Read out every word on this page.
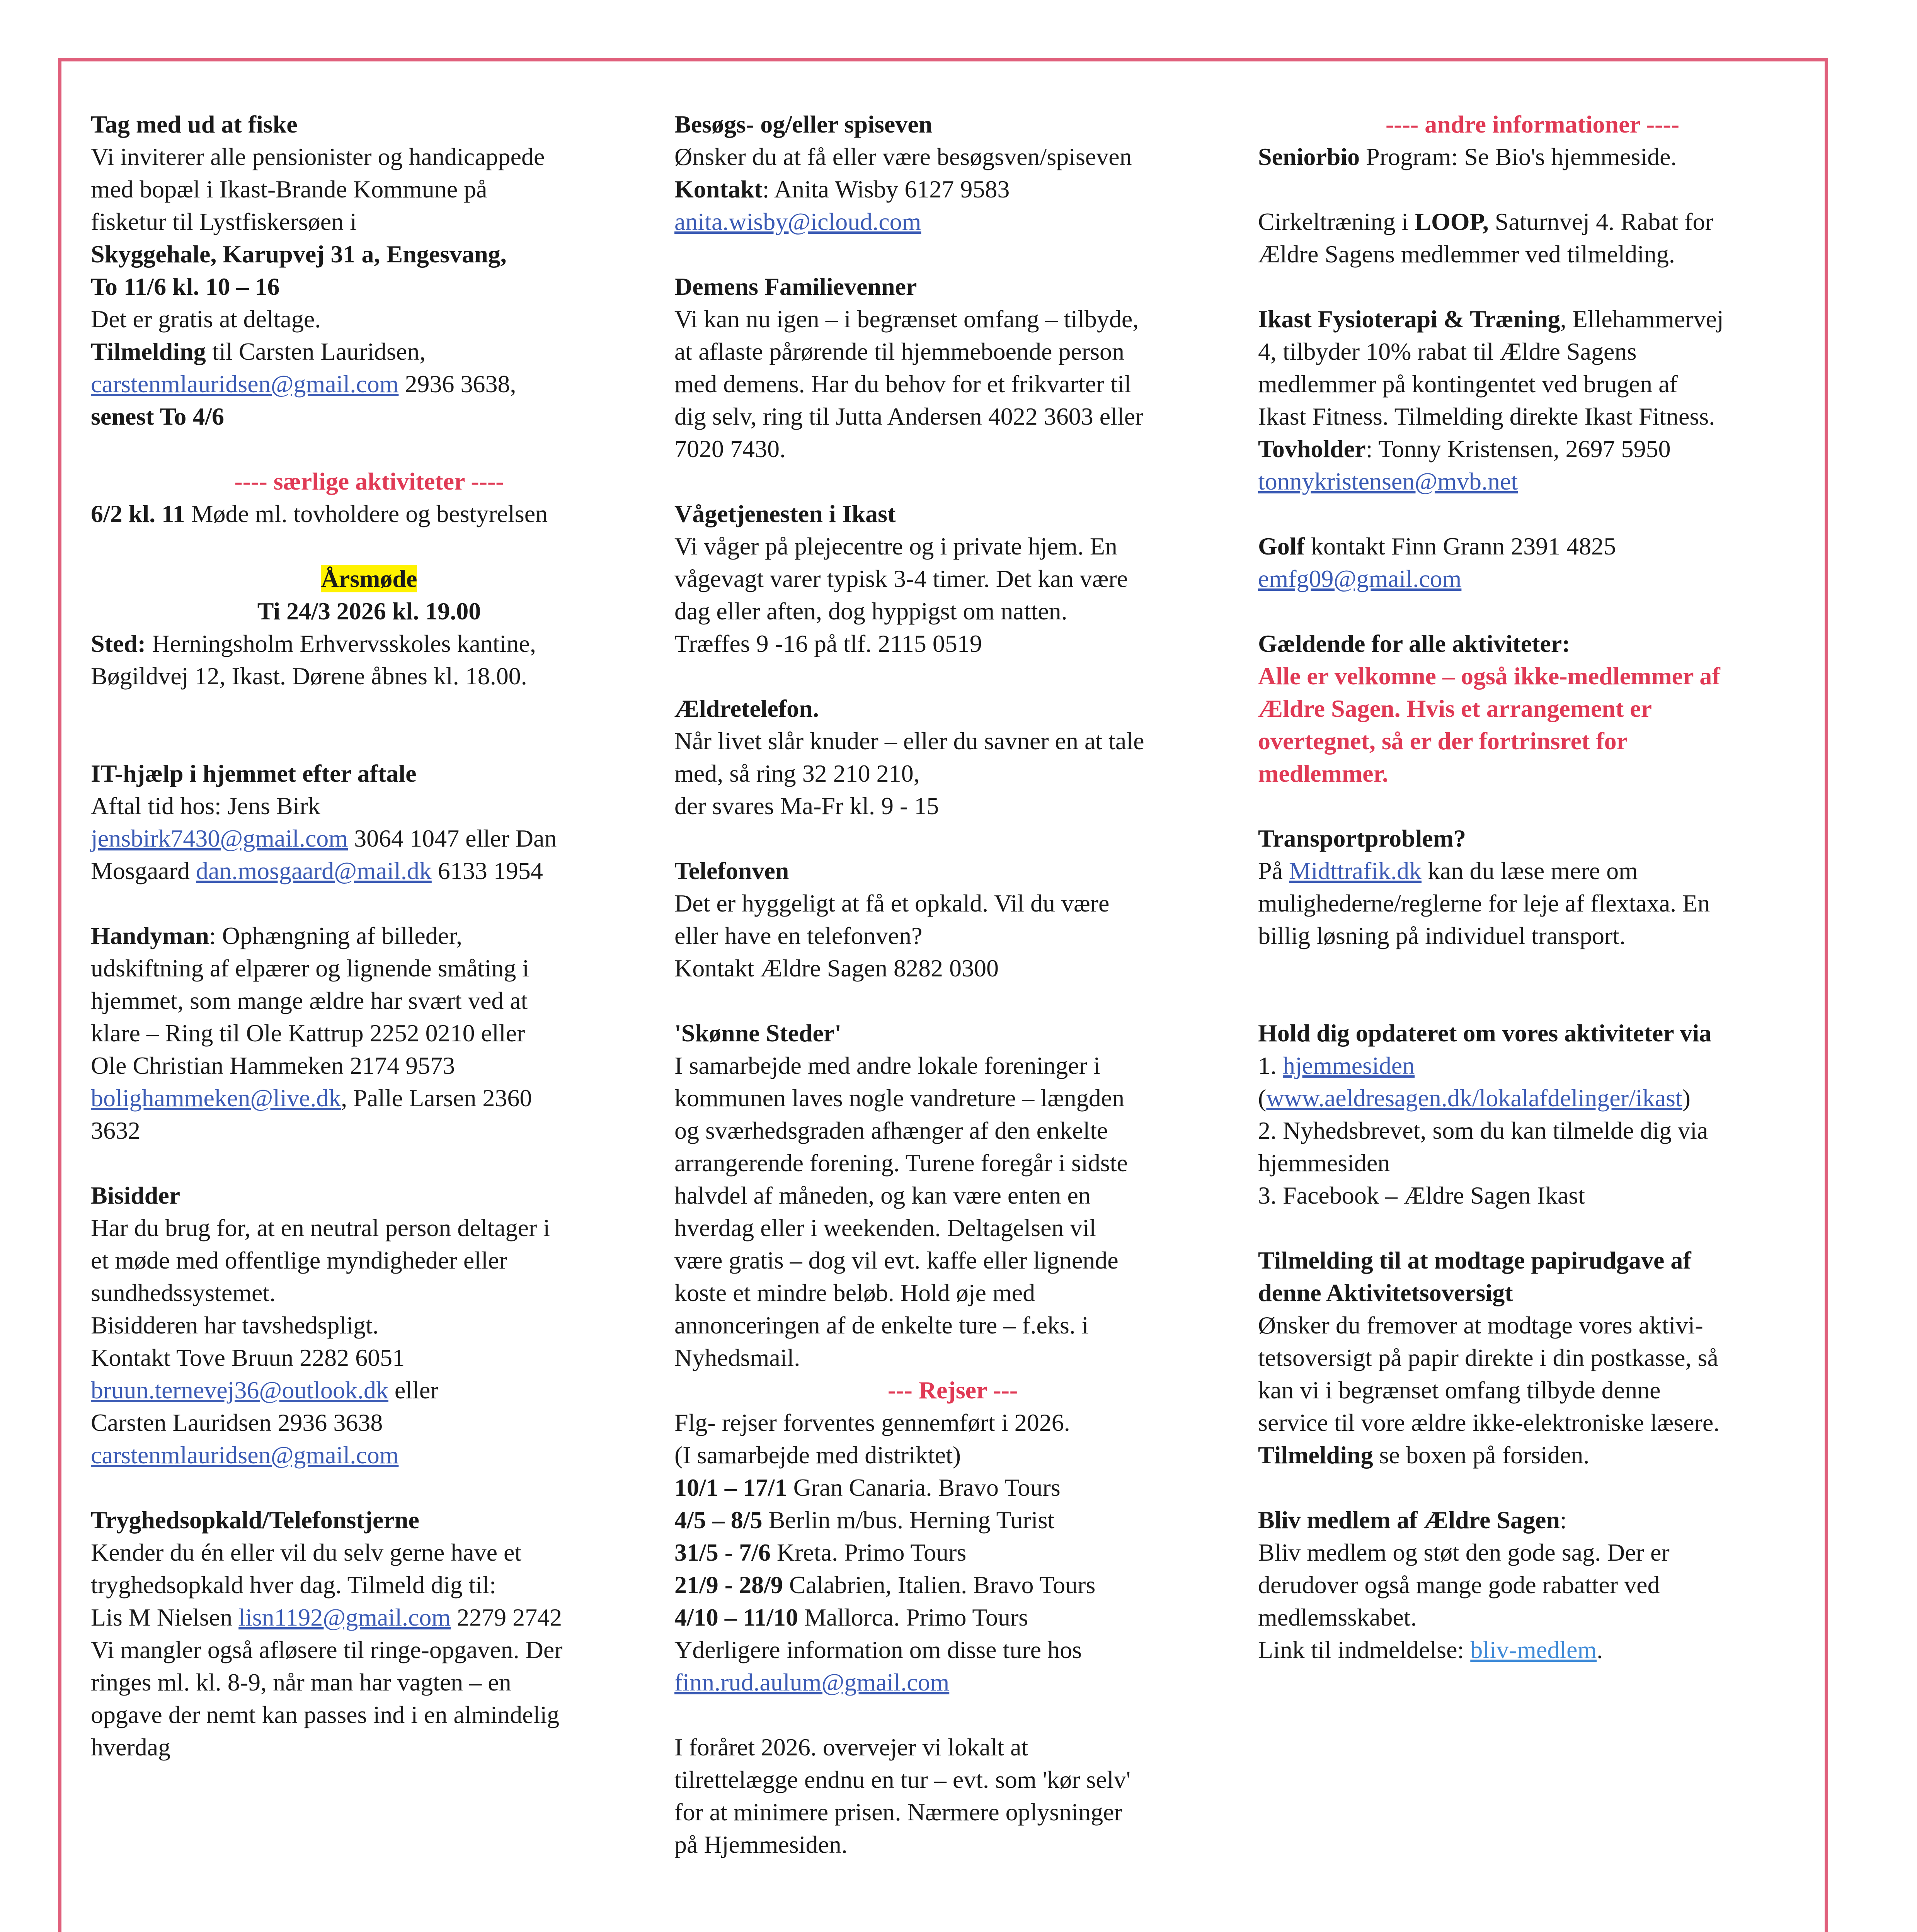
Tag med ud at fiske
Vi inviterer alle pensionister og handicappede
med bopæl i Ikast-Brande Kommune på
fisketur til Lystfiskersøen i
Skyggehale, Karupvej 31 a, Engesvang,
To 11/6 kl. 10 – 16
Det er gratis at deltage.
Tilmelding til Carsten Lauridsen,
carstenmlauridsen@gmail.com 2936 3638,
senest To 4/6
---- særlige aktiviteter ----
6/2 kl. 11 Møde ml. tovholdere og bestyrelsen
Årsmøde
Ti 24/3 2026 kl. 19.00
Sted: Herningsholm Erhvervsskoles kantine,
Bøgildvej 12, Ikast. Dørene åbnes kl. 18.00.
IT-hjælp i hjemmet efter aftale
Aftal tid hos: Jens Birk
jensbirk7430@gmail.com 3064 1047 eller Dan
Mosgaard dan.mosgaard@mail.dk 6133 1954
Handyman: Ophængning af billeder,
udskiftning af elpærer og lignende småting i
hjemmet, som mange ældre har svært ved at
klare – Ring til Ole Kattrup 2252 0210 eller
Ole Christian Hammeken 2174 9573
bolighammeken@live.dk, Palle Larsen 2360
3632
Bisidder
Har du brug for, at en neutral person deltager i
et møde med offentlige myndigheder eller
sundhedssystemet.
Bisidderen har tavshedspligt.
Kontakt Tove Bruun 2282 6051
bruun.ternevej36@outlook.dk eller
Carsten Lauridsen 2936 3638
carstenmlauridsen@gmail.com
Tryghedsopkald/Telefonstjerne
Kender du én eller vil du selv gerne have et
tryghedsopkald hver dag. Tilmeld dig til:
Lis M Nielsen lisn1192@gmail.com 2279 2742
Vi mangler også afløsere til ringe-opgaven. Der
ringes ml. kl. 8-9, når man har vagten – en
opgave der nemt kan passes ind i en almindelig
hverdag
Besøgs- og/eller spiseven
Ønsker du at få eller være besøgsven/spiseven
Kontakt: Anita Wisby 6127 9583
anita.wisby@icloud.com
Demens Familievenner
Vi kan nu igen – i begrænset omfang – tilbyde,
at aflaste pårørende til hjemmeboende person
med demens. Har du behov for et frikvarter til
dig selv, ring til Jutta Andersen 4022 3603 eller
7020 7430.
Vågetjenesten i Ikast
Vi våger på plejecentre og i private hjem. En
vågevagt varer typisk 3-4 timer. Det kan være
dag eller aften, dog hyppigst om natten.
Træffes 9 -16 på tlf. 2115 0519
Ældretelefon.
Når livet slår knuder – eller du savner en at tale
med, så ring 32 210 210,
der svares Ma-Fr kl. 9 - 15
Telefonven
Det er hyggeligt at få et opkald. Vil du være
eller have en telefonven?
Kontakt Ældre Sagen 8282 0300
'Skønne Steder'
I samarbejde med andre lokale foreninger i
kommunen laves nogle vandreture – længden
og sværhedsgraden afhænger af den enkelte
arrangerende forening. Turene foregår i sidste
halvdel af måneden, og kan være enten en
hverdag eller i weekenden. Deltagelsen vil
være gratis – dog vil evt. kaffe eller lignende
koste et mindre beløb. Hold øje med
annonceringen af de enkelte ture – f.eks. i
Nyhedsmail.
--- Rejser ---
Flg- rejser forventes gennemført i 2026.
(I samarbejde med distriktet)
10/1 – 17/1 Gran Canaria. Bravo Tours
4/5 – 8/5 Berlin m/bus. Herning Turist
31/5 - 7/6 Kreta. Primo Tours
21/9 - 28/9 Calabrien, Italien. Bravo Tours
4/10 – 11/10 Mallorca. Primo Tours
Yderligere information om disse ture hos
finn.rud.aulum@gmail.com
I foråret 2026. overvejer vi lokalt at
tilrettelægge endnu en tur – evt. som 'kør selv'
for at minimere prisen. Nærmere oplysninger
på Hjemmesiden.
---- andre informationer ----
Seniorbio Program: Se Bio's hjemmeside.
Cirkeltræning i LOOP, Saturnvej 4. Rabat for
Ældre Sagens medlemmer ved tilmelding.
Ikast Fysioterapi & Træning, Ellehammervej
4, tilbyder 10% rabat til Ældre Sagens
medlemmer på kontingentet ved brugen af
Ikast Fitness. Tilmelding direkte Ikast Fitness.
Tovholder: Tonny Kristensen, 2697 5950
tonnykristensen@mvb.net
Golf kontakt Finn Grann 2391 4825
emfg09@gmail.com
Gældende for alle aktiviteter:
Alle er velkomne – også ikke-medlemmer af
Ældre Sagen. Hvis et arrangement er
overtegnet, så er der fortrinsret for
medlemmer.
Transportproblem?
På Midttrafik.dk kan du læse mere om
mulighederne/reglerne for leje af flextaxa. En
billig løsning på individuel transport.
Hold dig opdateret om vores aktiviteter via
1. hjemmesiden
(www.aeldresagen.dk/lokalafdelinger/ikast)
2. Nyhedsbrevet, som du kan tilmelde dig via
hjemmesiden
3. Facebook – Ældre Sagen Ikast
Tilmelding til at modtage papirudgave af
denne Aktivitetsoversigt
Ønsker du fremover at modtage vores aktivi-
tetsoversigt på papir direkte i din postkasse, så
kan vi i begrænset omfang tilbyde denne
service til vore ældre ikke-elektroniske læsere.
Tilmelding se boxen på forsiden.
Bliv medlem af Ældre Sagen:
Bliv medlem og støt den gode sag. Der er
derudover også mange gode rabatter ved
medlemsskabet.
Link til indmeldelse: bliv-medlem.
